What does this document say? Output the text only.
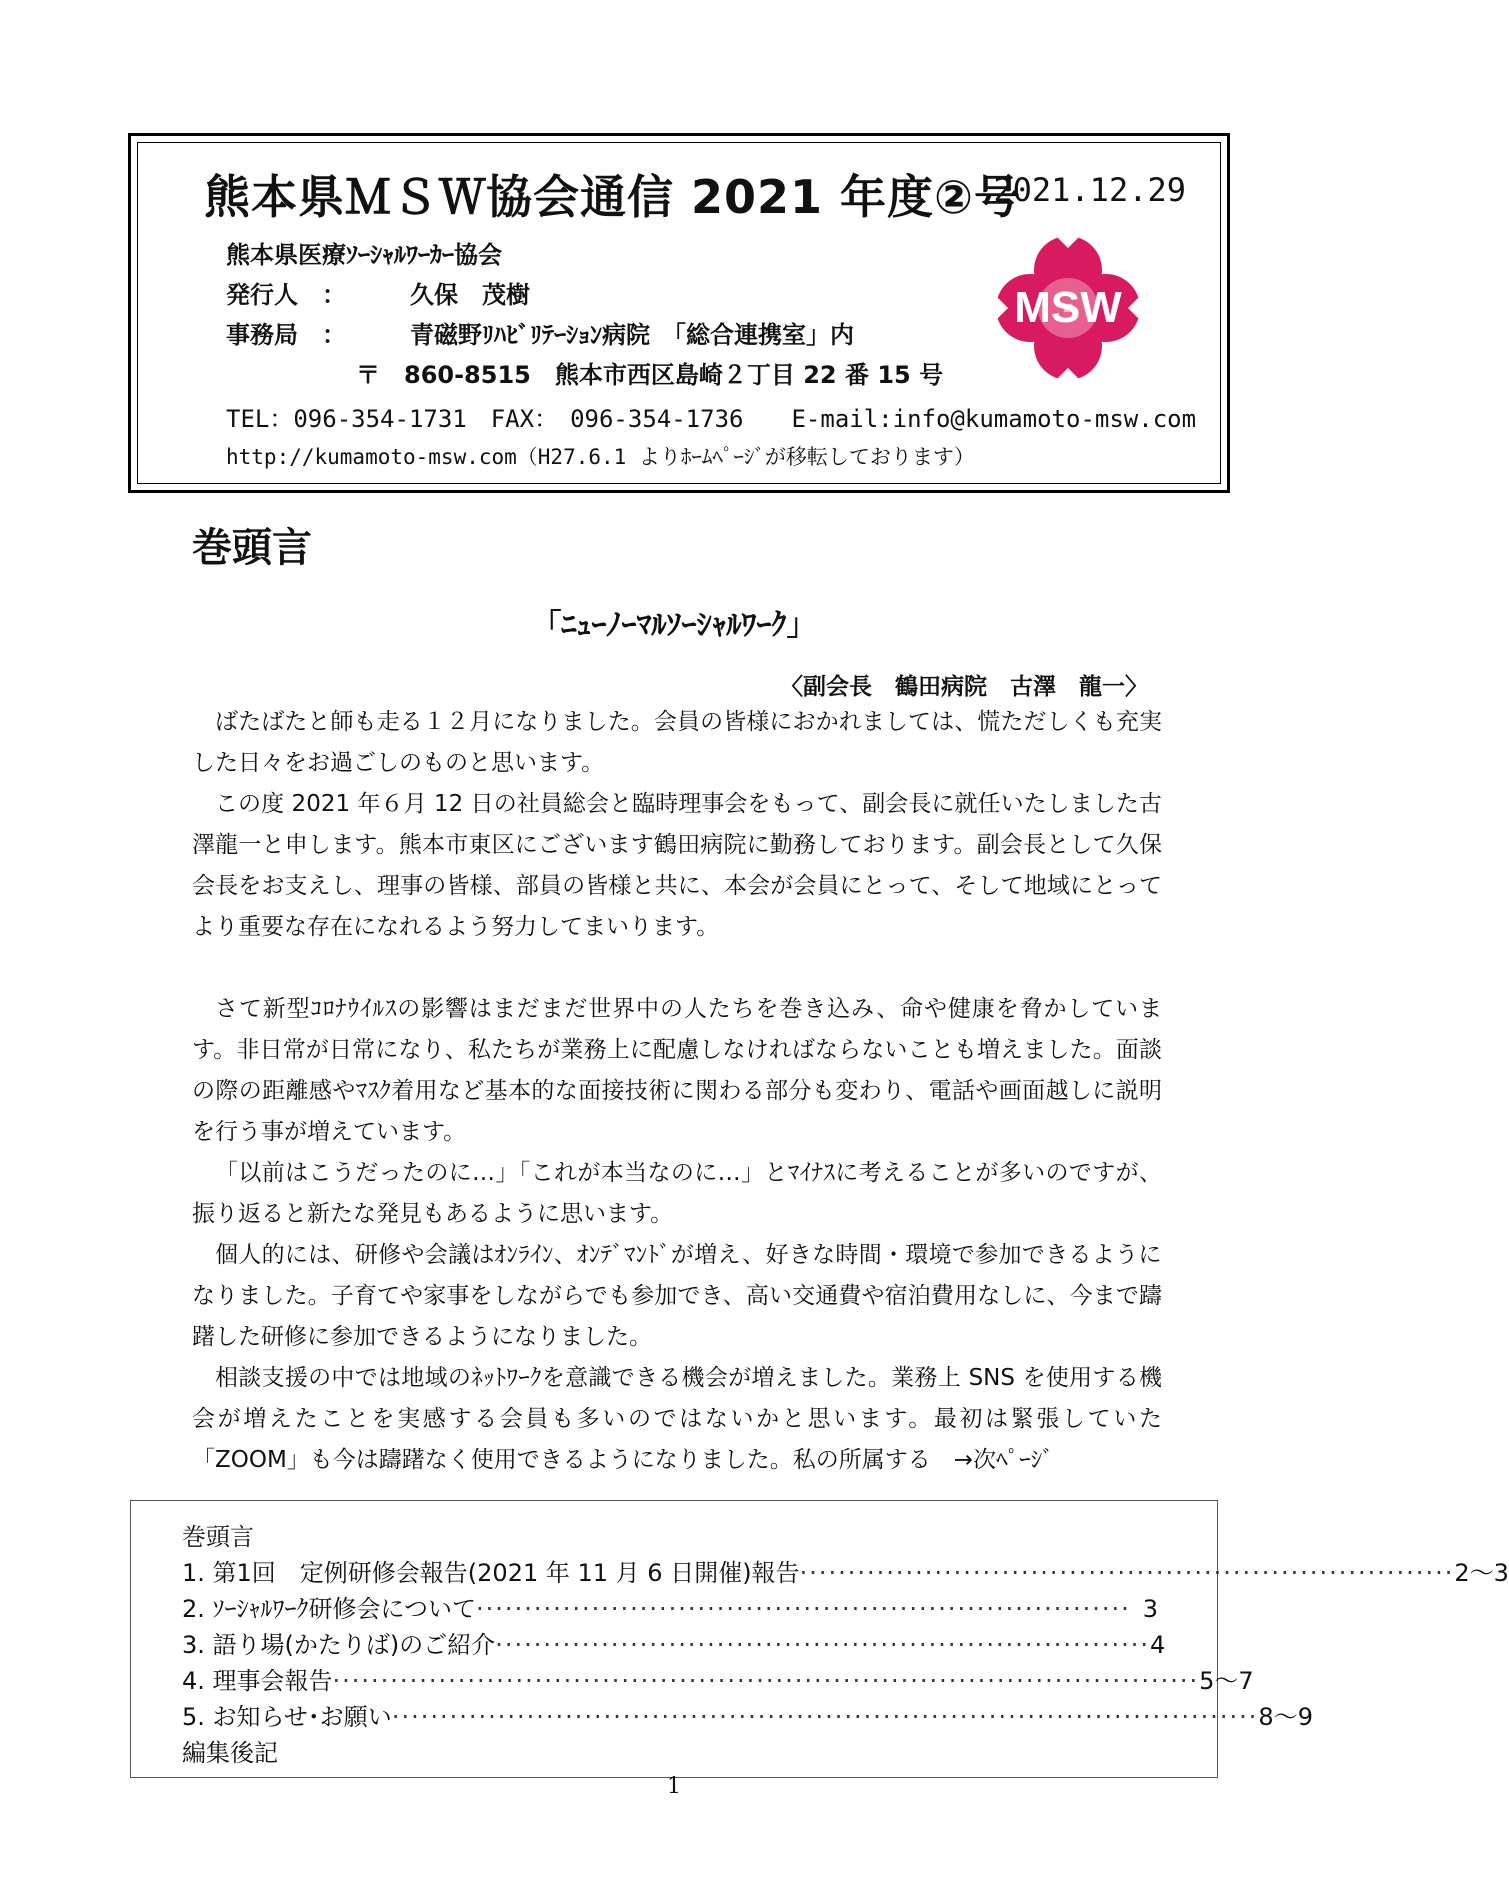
熊本県ＭＳＷ協会通信 2021 年度②号
2021.12.29
熊本県医療ｿｰｼｬﾙﾜｰｶｰ協会
発行人　：	久保　茂樹
事務局　：	青磁野ﾘﾊﾋﾞﾘﾃｰｼｮﾝ病院　「総合連携室」内
〒　860-8515　熊本市西区島崎２丁目 22 番 15 号
TEL：096-354-1731　FAX：　096-354-1736　　E-mail:info@kumamoto-msw.com
http://kumamoto-msw.com（H27.6.1 よりﾎｰﾑﾍﾟｰｼﾞが移転しております）
MSW
巻頭言
「ﾆｭｰﾉｰﾏﾙｿｰｼｬﾙﾜｰｸ」
〈副会長　鶴田病院　古澤　龍一〉

ばたばたと師も走る１２月になりました。会員の皆様におかれましては、慌ただしくも充実した日々をお過ごしのものと思います。

この度 2021 年６月 12 日の社員総会と臨時理事会をもって、副会長に就任いたしました古澤龍一と申します。熊本市東区にございます鶴田病院に勤務しております。副会長として久保会長をお支えし、理事の皆様、部員の皆様と共に、本会が会員にとって、そして地域にとってより重要な存在になれるよう努力してまいります。

さて新型ｺﾛﾅｳｲﾙｽの影響はまだまだ世界中の人たちを巻き込み、命や健康を脅かしています。非日常が日常になり、私たちが業務上に配慮しなければならないことも増えました。面談の際の距離感やﾏｽｸ着用など基本的な面接技術に関わる部分も変わり、電話や画面越しに説明を行う事が増えています。

「以前はこうだったのに…」「これが本当なのに…」とﾏｲﾅｽに考えることが多いのですが、振り返ると新たな発見もあるように思います。

個人的には、研修や会議はｵﾝﾗｲﾝ、ｵﾝﾃﾞﾏﾝﾄﾞが増え、好きな時間・環境で参加できるようになりました。子育てや家事をしながらでも参加でき、高い交通費や宿泊費用なしに、今まで躊躇した研修に参加できるようになりました。

相談支援の中では地域のﾈｯﾄﾜｰｸを意識できる機会が増えました。業務上 SNS を使用する機会が増えたことを実感する会員も多いのではないかと思います。最初は緊張していた「ZOOM」も今は躊躇なく使用できるようになりました。私の所属する　→次ﾍﾟｰｼﾞ

巻頭言
1. 第1回　定例研修会報告(2021 年 11 月 6 日開催)報告 ···································································· 2～3
2. ｿｰｼｬﾙﾜｰｸ研修会について ···································································· 3
3. 語り場(かたりば)のご紹介 ···································································· 4
4. 理事会報告 ·························································································· 5～7
5. お知らせ･お願い ·························································································· 8～9
編集後記
1
